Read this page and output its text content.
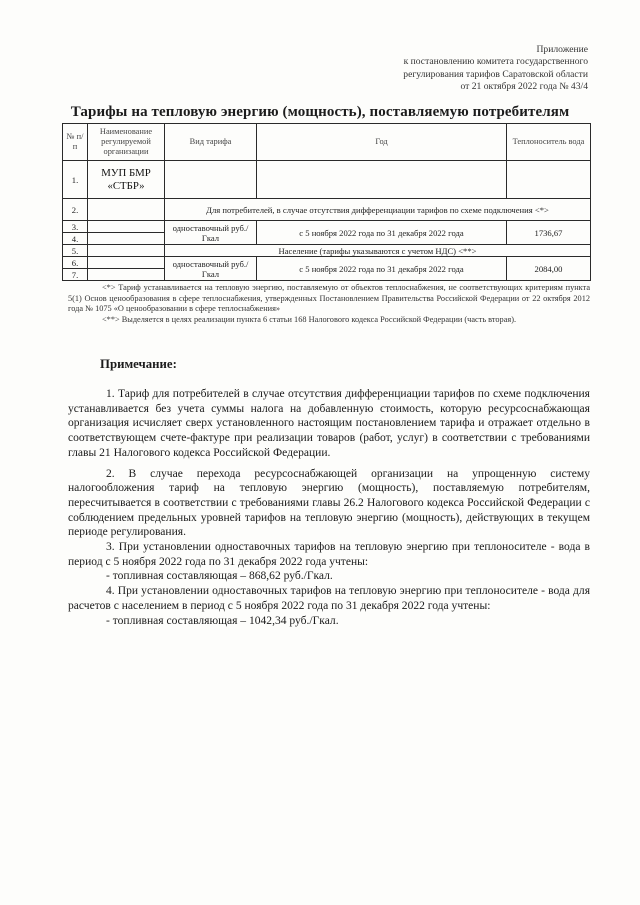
Приложение
к постановлению комитета государственного
регулирования тарифов Саратовской области
от 21 октября 2022 года № 43/4
Тарифы на тепловую энергию (мощность), поставляемую потребителям
№ п/п	Наименование регулируемой организации	Вид тарифа	Год	Теплоноситель вода
1.	МУП БМР «СТБР»			
2.		Для потребителей, в случае отсутствия дифференциации тарифов по схеме подключения <*>		
3.		одноставочный руб./Гкал	с 5 ноября 2022 года по 31 декабря 2022 года	1736,67
4.				
5.		Население (тарифы указываются с учетом НДС) <**>		
6.		одноставочный руб./Гкал	с 5 ноября 2022 года по 31 декабря 2022 года	2084,00
7.				

<*> Тариф устанавливается на тепловую энергию, поставляемую от объектов теплоснабжения, не соответствующих критериям пункта 5(1) Основ ценообразования в сфере теплоснабжения, утвержденных Постановлением Правительства Российской Федерации от 22 октября 2012 года № 1075 «О ценообразовании в сфере теплоснабжения»

<**> Выделяется в целях реализации пункта 6 статьи 168 Налогового кодекса Российской Федерации (часть вторая).

Примечание:

1. Тариф для потребителей в случае отсутствия дифференциации тарифов по схеме подключения устанавливается без учета суммы налога на добавленную стоимость, которую ресурсоснабжающая организация исчисляет сверх установленного настоящим постановлением тарифа и отражает отдельно в соответствующем счете-фактуре при реализации товаров (работ, услуг) в соответствии с требованиями главы 21 Налогового кодекса Российской Федерации.

2. В случае перехода ресурсоснабжающей организации на упрощенную систему налогообложения тариф на тепловую энергию (мощность), поставляемую потребителям, пересчитывается в соответствии с требованиями главы 26.2 Налогового кодекса Российской Федерации с соблюдением предельных уровней тарифов на тепловую энергию (мощность), действующих в текущем периоде регулирования.

3. При установлении одноставочных тарифов на тепловую энергию при теплоносителе - вода в период с 5 ноября 2022 года по 31 декабря 2022 года учтены:

- топливная составляющая – 868,62 руб./Гкал.

4. При установлении одноставочных тарифов на тепловую энергию при теплоносителе - вода для расчетов с населением в период с 5 ноября 2022 года по 31 декабря 2022 года учтены:

- топливная составляющая – 1042,34 руб./Гкал.
